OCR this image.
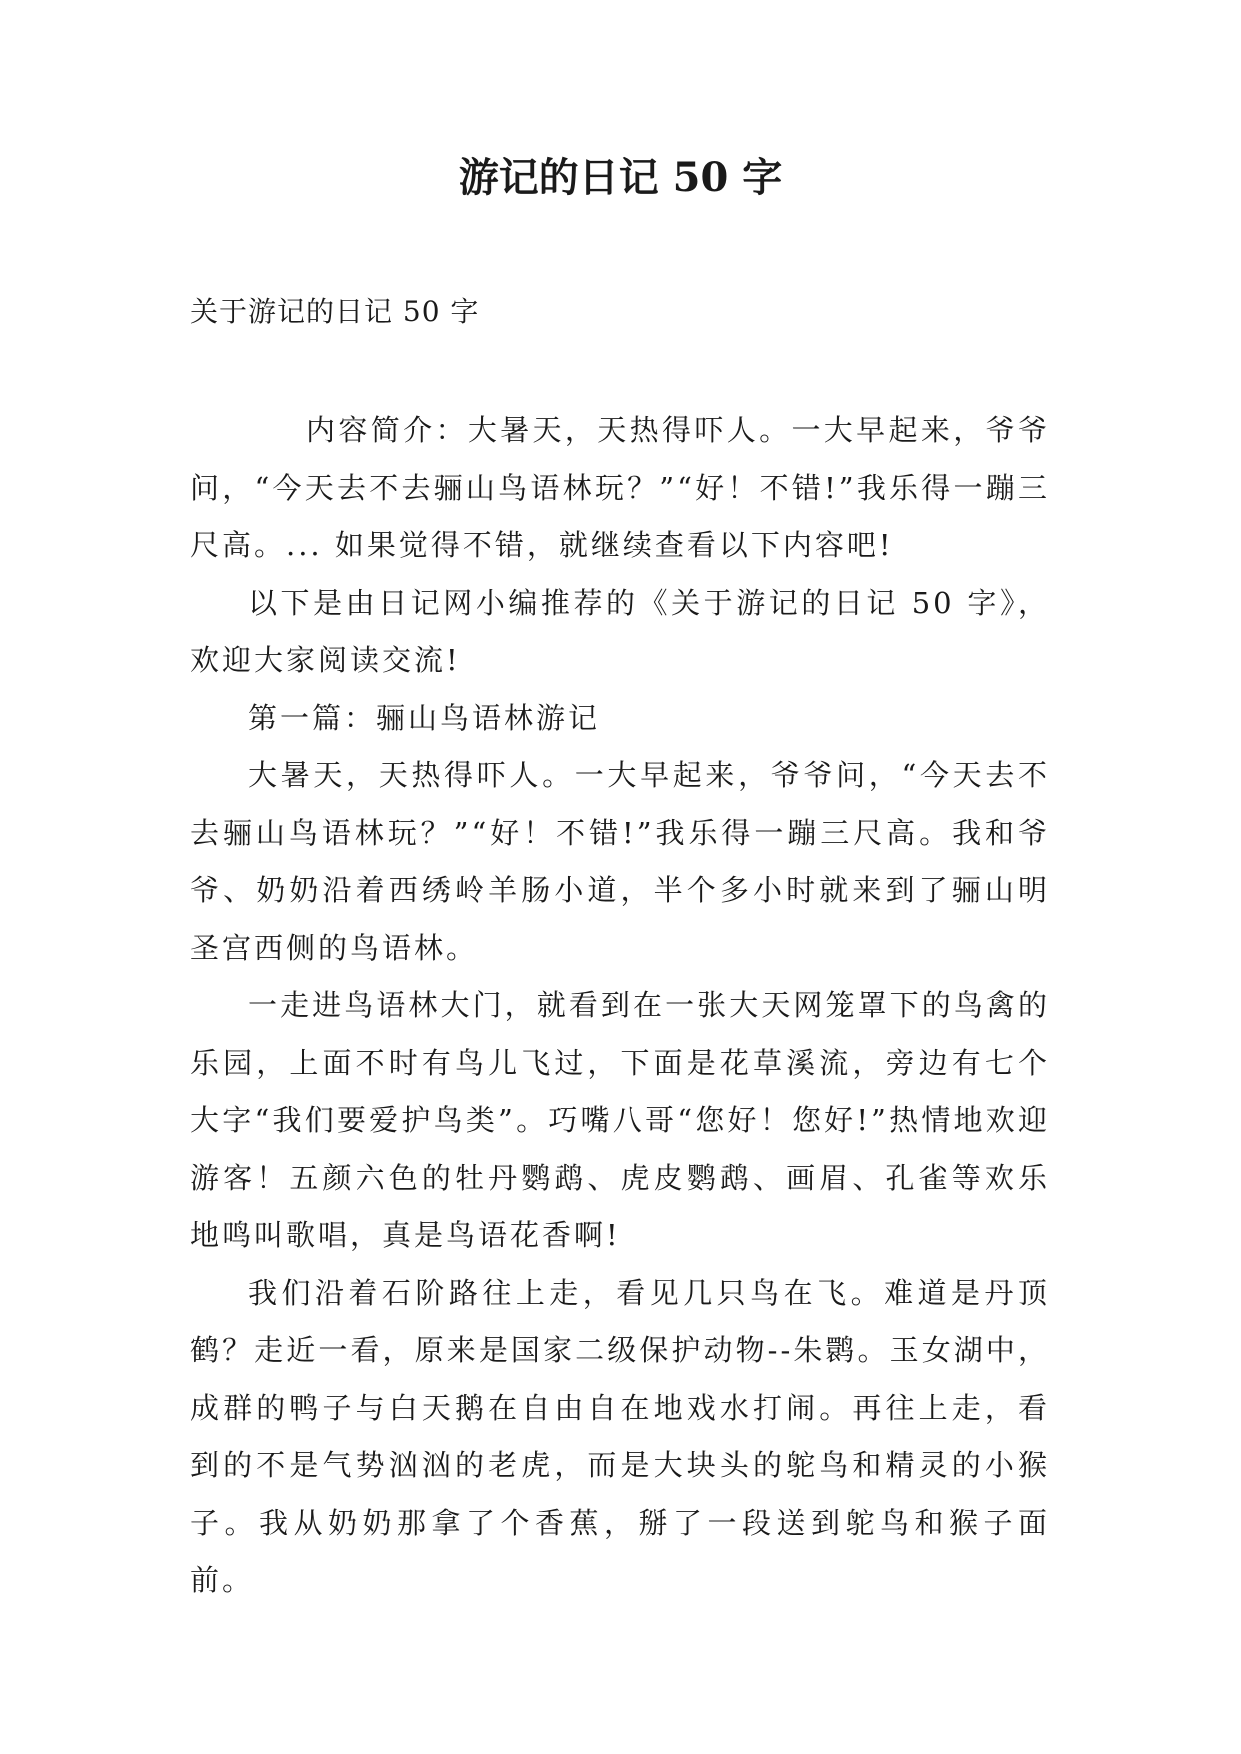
游记的日记 50 字
关于游记的日记 50 字

内容简介：大暑天，天热得吓人。一大早起来，爷爷问，“今天去不去骊山鸟语林玩？”“好！不错!”我乐得一蹦三尺高。... 如果觉得不错，就继续查看以下内容吧!

以下是由日记网小编推荐的《关于游记的日记 50 字》，欢迎大家阅读交流!

第一篇：骊山鸟语林游记

大暑天，天热得吓人。一大早起来，爷爷问，“今天去不去骊山鸟语林玩？”“好！不错!”我乐得一蹦三尺高。我和爷爷、奶奶沿着西绣岭羊肠小道，半个多小时就来到了骊山明圣宫西侧的鸟语林。

一走进鸟语林大门，就看到在一张大天网笼罩下的鸟禽的乐园，上面不时有鸟儿飞过，下面是花草溪流，旁边有七个大字“我们要爱护鸟类”。巧嘴八哥“您好！您好!”热情地欢迎游客！五颜六色的牡丹鹦鹉、虎皮鹦鹉、画眉、孔雀等欢乐地鸣叫歌唱，真是鸟语花香啊!

我们沿着石阶路往上走，看见几只鸟在飞。难道是丹顶鹤？走近一看，原来是国家二级保护动物--朱鹮。玉女湖中，成群的鸭子与白天鹅在自由自在地戏水打闹。再往上走，看到的不是气势汹汹的老虎，而是大块头的鸵鸟和精灵的小猴子。我从奶奶那拿了个香蕉，掰了一段送到鸵鸟和猴子面前。
